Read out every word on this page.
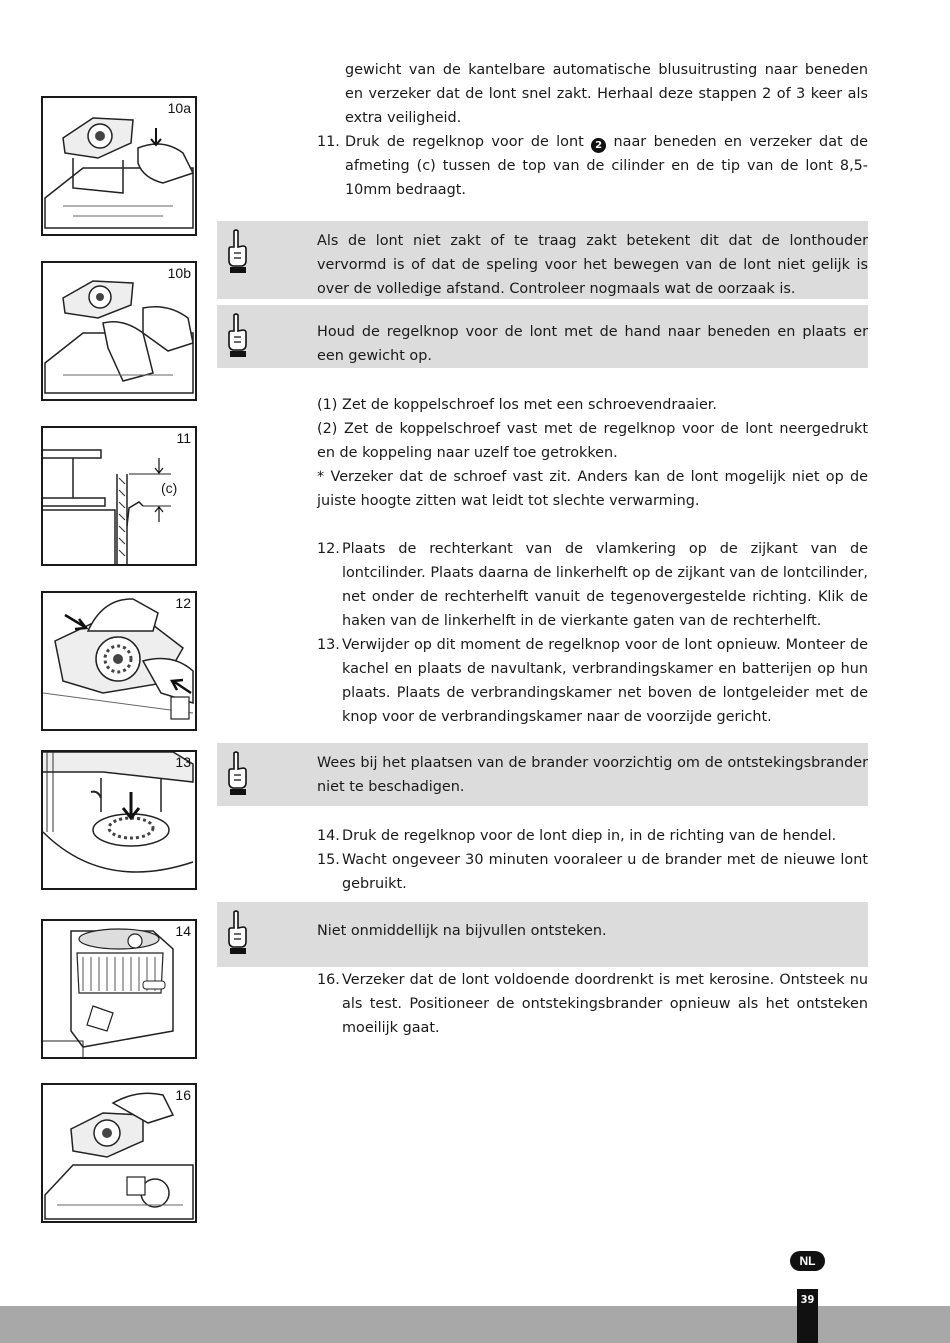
10a
10b
11
(c)
12
13
14
16

gewicht van de kantelbare automatische blusuitrusting naar beneden en verzeker dat de lont snel zakt. Herhaal deze stappen 2 of 3 keer als extra veiligheid.

11. Druk de regelknop voor de lont 2 naar beneden en verzeker dat de afmeting (c) tussen de top van de cilinder en de tip van de lont 8,5-10mm bedraagt.

Als de lont niet zakt of te traag zakt betekent dit dat de lonthouder vervormd is of dat de speling voor het bewegen van de lont niet gelijk is over de volledige afstand. Controleer nogmaals wat de oorzaak is.

Houd de regelknop voor de lont met de hand naar beneden en plaats er een gewicht op.

(1) Zet de koppelschroef los met een schroevendraaier.

(2) Zet de koppelschroef vast met de regelknop voor de lont neergedrukt en de koppeling naar uzelf toe getrokken.

* Verzeker dat de schroef vast zit. Anders kan de lont mogelijk niet op de juiste hoogte zitten wat leidt tot slechte verwarming.

12. Plaats de rechterkant van de vlamkering op de zijkant van de lontcilinder. Plaats daarna de linkerhelft op de zijkant van de lontcilinder, net onder de rechterhelft vanuit de tegenovergestelde richting. Klik de haken van de linkerhelft in de vierkante gaten van de rechterhelft.

13. Verwijder op dit moment de regelknop voor de lont opnieuw. Monteer de kachel en plaats de navultank, verbrandingskamer en batterijen op hun plaats. Plaats de verbrandingskamer net boven de lontgeleider met de knop voor de verbrandingskamer naar de voorzijde gericht.

Wees bij het plaatsen van de brander voorzichtig om de ontstekingsbrander niet te beschadigen.

14. Druk de regelknop voor de lont diep in, in de richting van de hendel.

15. Wacht ongeveer 30 minuten vooraleer u de brander met de nieuwe lont gebruikt.

Niet onmiddellijk na bijvullen ontsteken.

16. Verzeker dat de lont voldoende doordrenkt is met kerosine. Ontsteek nu als test. Positioneer de ontstekingsbrander opnieuw als het ontsteken moeilijk gaat.

NL
39
